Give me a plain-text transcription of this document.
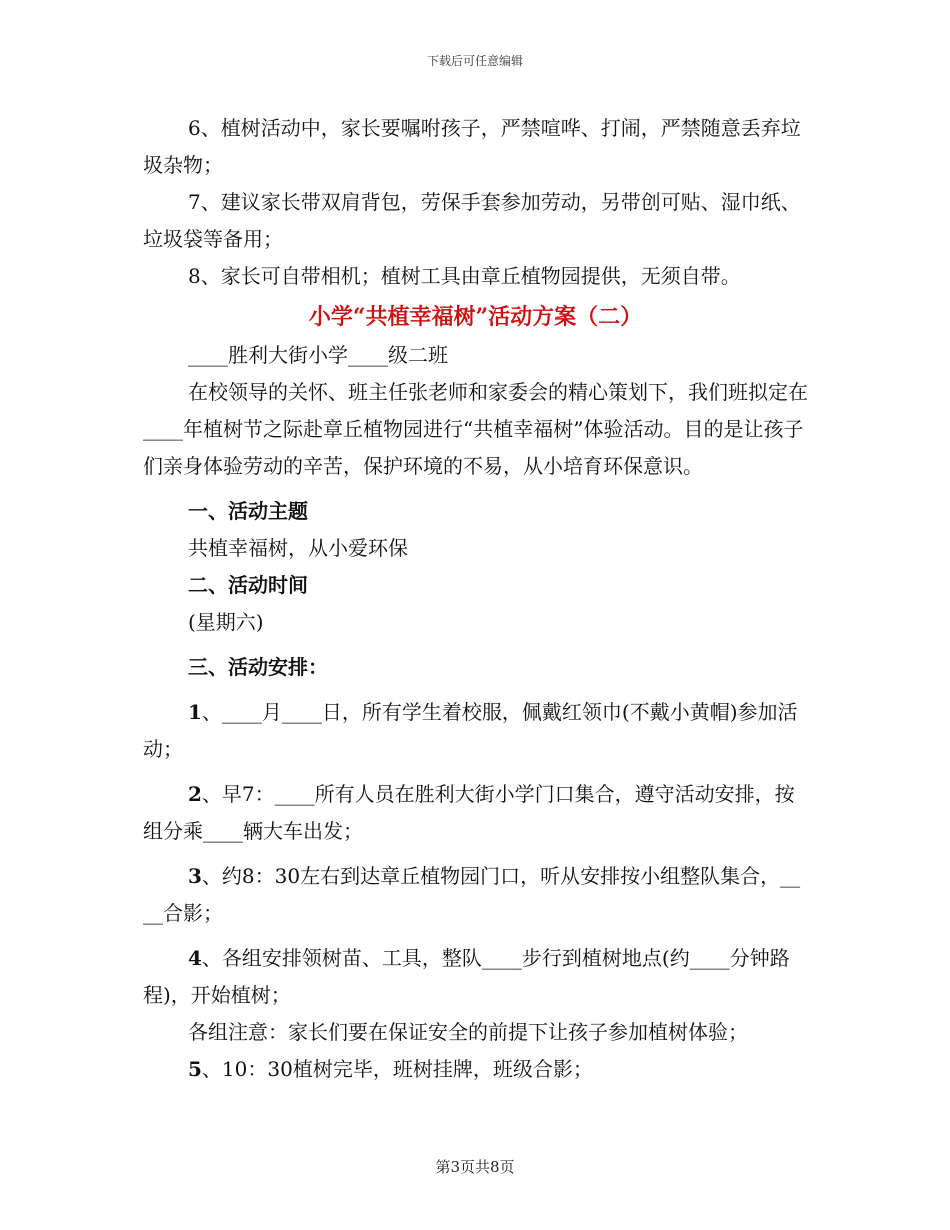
下载后可任意编辑

6、植树活动中，家长要嘱咐孩子，严禁喧哗、打闹，严禁随意丢弃垃圾杂物；

7、建议家长带双肩背包，劳保手套参加劳动，另带创可贴、湿巾纸、垃圾袋等备用；

8、家长可自带相机；植树工具由章丘植物园提供，无须自带。

小学“共植幸福树”活动方案（二）

____胜利大街小学____级二班

在校领导的关怀、班主任张老师和家委会的精心策划下，我们班拟定在____年植树节之际赴章丘植物园进行“共植幸福树”体验活动。目的是让孩子们亲身体验劳动的辛苦，保护环境的不易，从小培育环保意识。

一、活动主题

共植幸福树，从小爱环保

二、活动时间

(星期六)

三、活动安排：

1、____月____日，所有学生着校服，佩戴红领巾(不戴小黄帽)参加活动；

2、早7：____所有人员在胜利大街小学门口集合，遵守活动安排，按组分乘____辆大车出发；

3、约8：30左右到达章丘植物园门口，听从安排按小组整队集合，____合影；

4、各组安排领树苗、工具，整队____步行到植树地点(约____分钟路程)，开始植树；

各组注意：家长们要在保证安全的前提下让孩子参加植树体验；

5、10：30植树完毕，班树挂牌，班级合影；

第3页共8页
